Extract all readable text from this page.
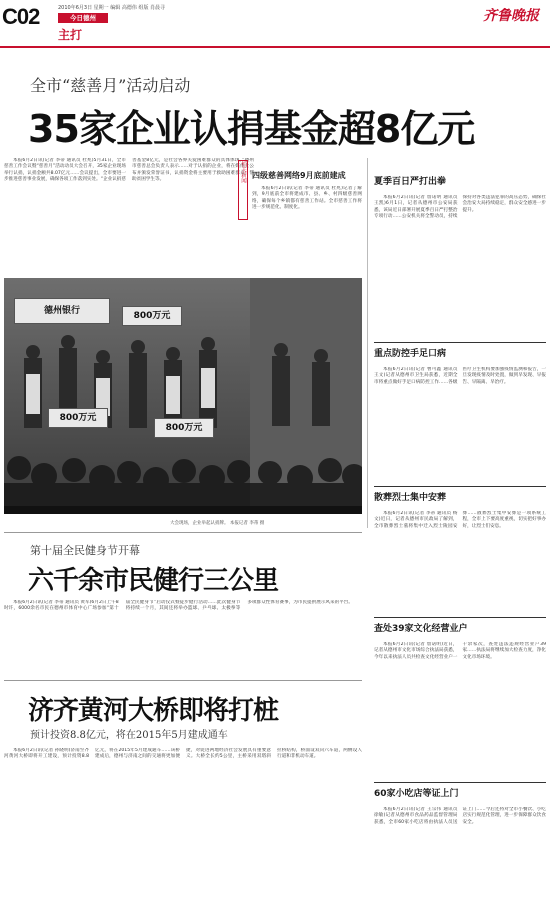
C02	2010年6月3日 星期一 编辑 高德伟 组版 肖晨寻
今日德州
主打
齐鲁晚报
全市“慈善月”活动启动
35家企业认捐基金超8亿元

本报6月2日讯(记者 李蒂 通讯员 杜兆)5月31日，全市慈善工作会议暨“慈善月”活动动员大会召开，35家企业现场举行认捐，认捐金额共8.07亿元……会议提出，全市要进一步推进慈善事业发展，确保各项工作落到实处。“企业认捐慈善基金8亿元，是社会各界关爱困难群众的具体体现。”德州市慈善总会负责人表示……对于认捐的企业，将在媒体上公布并颁发荣誉证书，认捐资金将主要用于救助困难群众、帮助贫困学生等。

德州银行	800万元
800万元
800万元
大会现场，企业举起认捐牌。 本报记者 李蒂 摄
相关新闻 四级慈善网络9月底前建成

本报6月2日讯(记者 李蒂 通讯员 杜兆)记者了解到，9月底前全市将建成市、县、乡、村四级慈善网络，确保每个乡镇都有慈善工作站。全市慈善工作将进一步规范化、制度化。

夏季百日严打出拳

本报6月2日讯(记者 詹诺明 通讯员 王凯)6月1日，记者从德州市公安局获悉，该局近日部署开展夏季百日严打整治专项行动……公安机关将全警动员，持续保持对各类违法犯罪的高压态势，确保社会治安大局持续稳定，群众安全感进一步提升。

重点防控手足口病

本报6月2日讯(记者 曹可鑫 通讯员 王文)记者从德州市卫生局获悉，近期全市将重点做好手足口病防控工作……各级医疗卫生机构要加强疫情监测和报告，一旦发现疫情及时处置，做到早发现、早报告、早隔离、早治疗。

散葬烈士集中安葬

本报6月2日讯(记者 李蒂 通讯员 杨文)近日，记者从德州市民政局了解到，全市散葬烈士墓将集中迁入烈士陵园安葬……散葬烈士集中安葬是一项系统工程，全市上下要高度重视，切实把好事办好，让烈士们安息。

查处39家文化经营业户

本报6月2日讯(记者 詹诺明)近日，记者从德州市文化市场综合执法局获悉，今年以来执法人员共检查文化经营业户一千余家次，查处违法违规经营业户39家……执法局将继续加大检查力度，净化文化市场环境。

60家小吃店等证上门

本报6月2日讯(记者 王宗伟 通讯员 徐敏)记者从德州市食品药品监督管理局获悉，全市60家小吃店将由执法人员送证上门……今后还将对全市小餐饮、小吃店实行规范化管理，进一步保障群众饮食安全。

第十届全民健身节开幕
六千余市民健行三公里

本报6月2日讯(记者 李蒂 通讯员 黄军)6月2日上午8时许，6000余名市民在德州市体育中心广场参加“第十届全民健身节”启动仪式暨徒步健行活动……此次健身节将持续一个月，其间还将举办篮球、乒乓球、太极拳等多项群众性体育赛事，为市民提供展示风采的平台。

济齐黄河大桥即将打桩
预计投资8.8亿元，将在2015年5月建成通车

本报6月2日讯(记者 孙晓明)济南至齐河黄河大桥即将开工建设，预计投资8.8亿元，将在2015年5月建成通车……该桥建成后，德州与济南之间的交通将更加便捷，对促进两地经济社会发展具有重要意义。大桥全长约5公里，主桥采用双塔斜拉桥结构，桥面设双向六车道，两侧设人行道和非机动车道。
